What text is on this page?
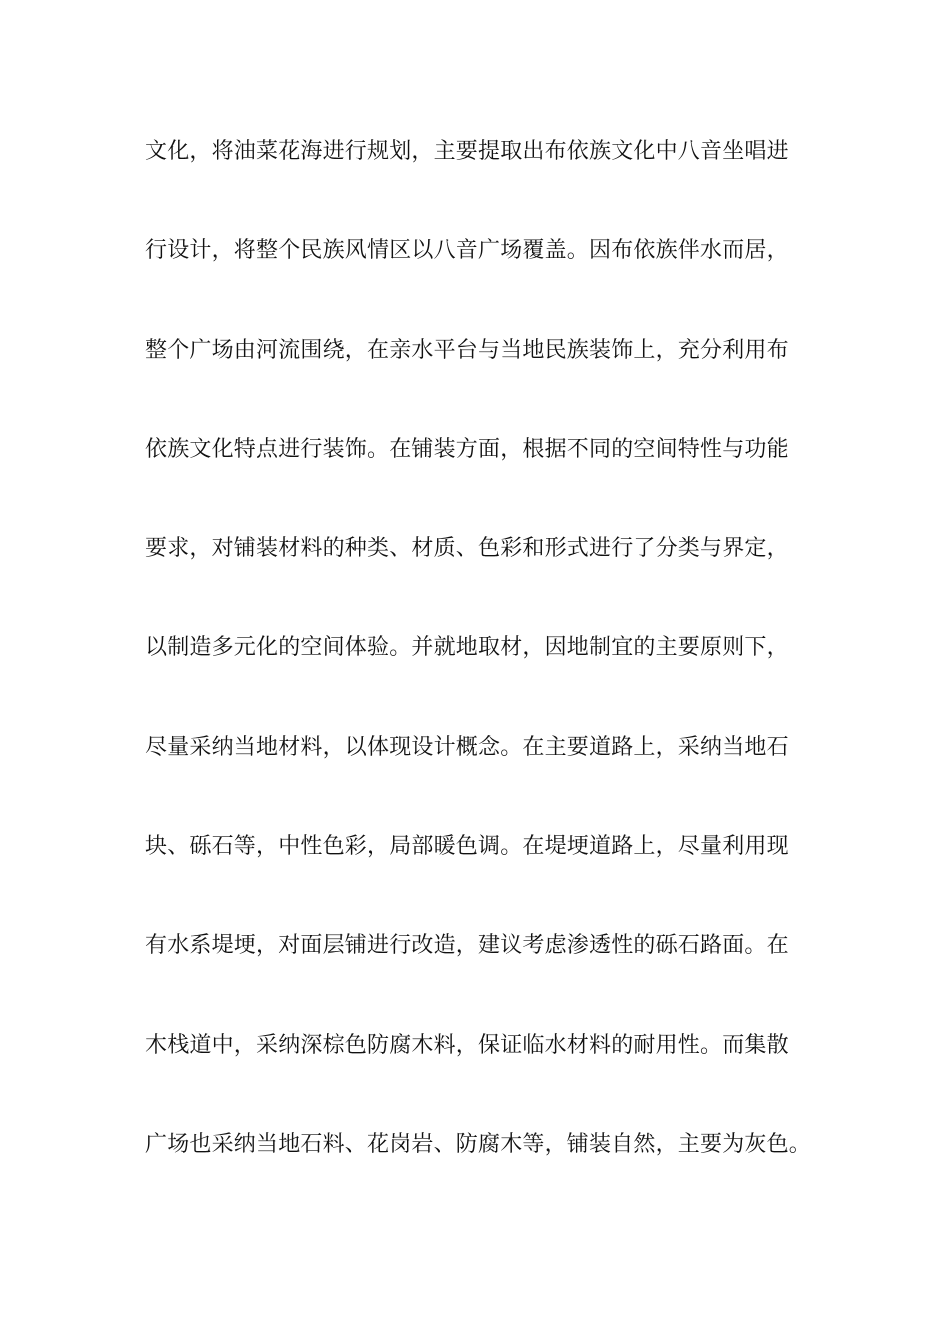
文化，将油菜花海进行规划，主要提取出布依族文化中八音坐唱进
行设计，将整个民族风情区以八音广场覆盖。因布依族伴水而居，
整个广场由河流围绕，在亲水平台与当地民族装饰上，充分利用布
依族文化特点进行装饰。在铺装方面，根据不同的空间特性与功能
要求，对铺装材料的种类、材质、色彩和形式进行了分类与界定，
以制造多元化的空间体验。并就地取材，因地制宜的主要原则下，
尽量采纳当地材料，以体现设计概念。在主要道路上，采纳当地石
块、砾石等，中性色彩，局部暖色调。在堤埂道路上，尽量利用现
有水系堤埂，对面层铺进行改造，建议考虑渗透性的砾石路面。在
木栈道中，采纳深棕色防腐木料，保证临水材料的耐用性。而集散
广场也采纳当地石料、花岗岩、防腐木等，铺装自然，主要为灰色。
